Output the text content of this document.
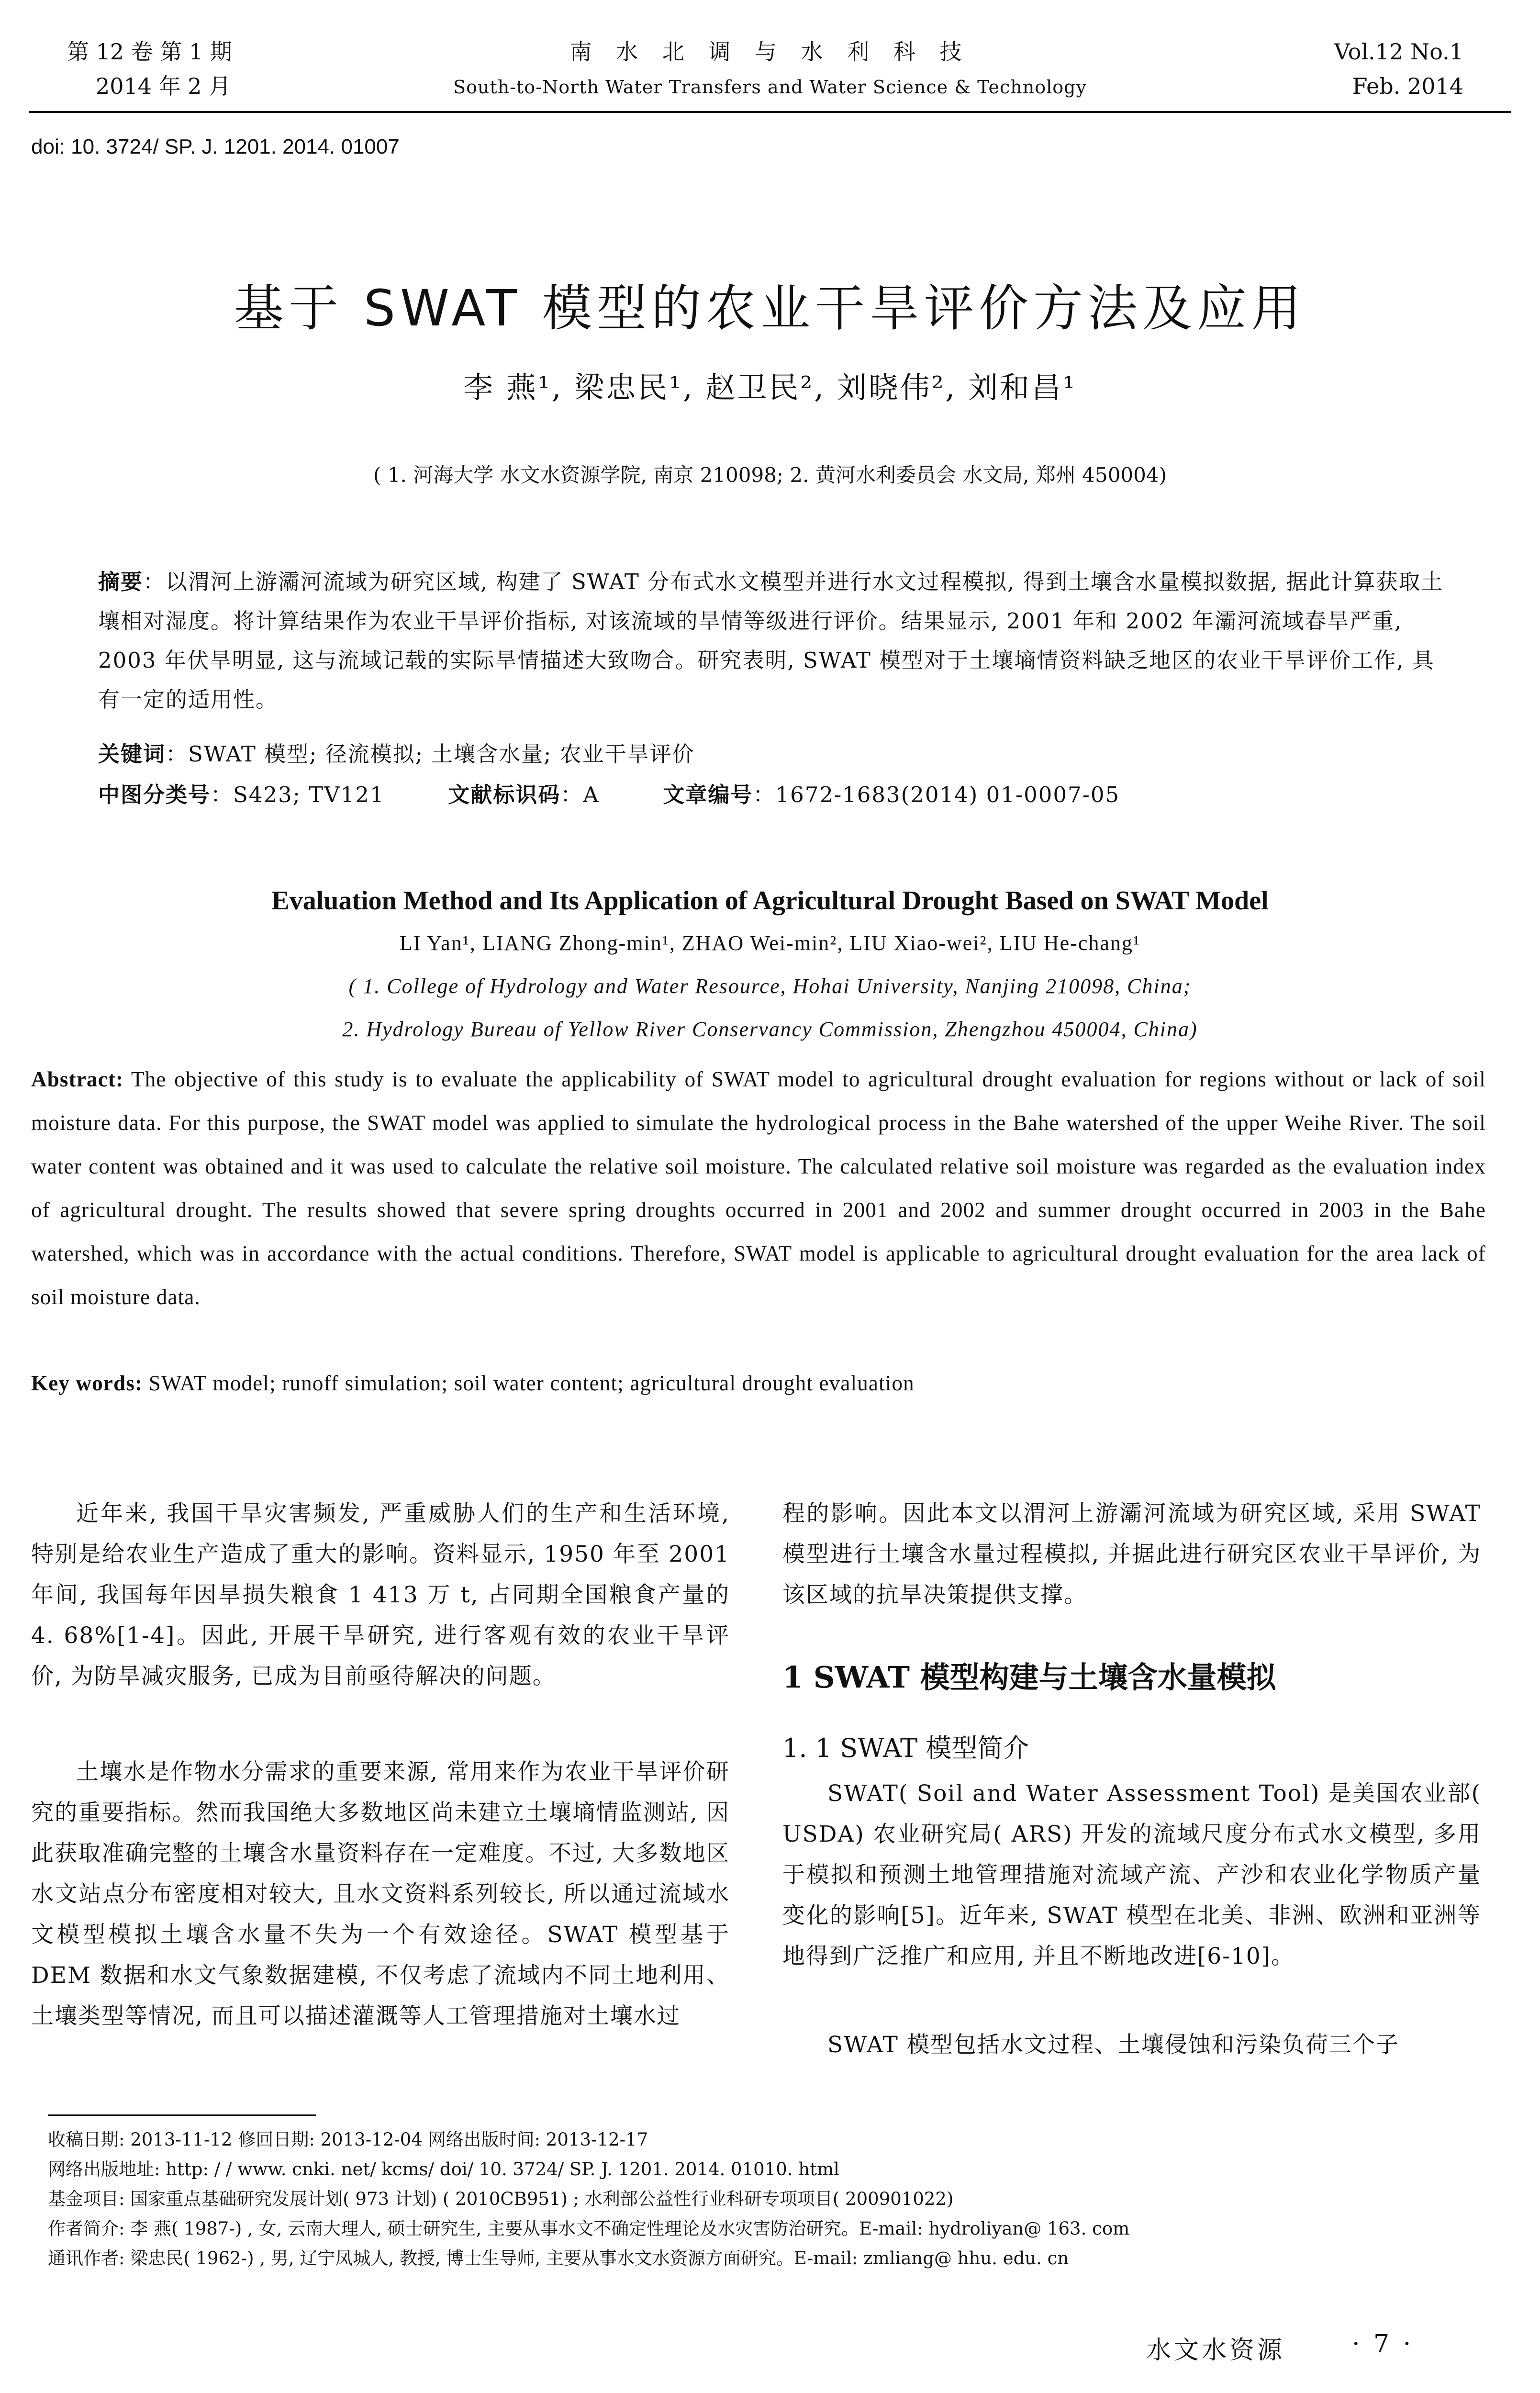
第 12 卷 第 1 期
2014 年 2 月
南 水 北 调 与 水 利 科 技
South-to-North Water Transfers and Water Science & Technology
Vol.12 No.1
Feb. 2014
doi: 10. 3724/ SP. J. 1201. 2014. 01007
基于 SWAT 模型的农业干旱评价方法及应用
李 燕¹, 梁忠民¹, 赵卫民², 刘晓伟², 刘和昌¹
( 1. 河海大学 水文水资源学院, 南京 210098; 2. 黄河水利委员会 水文局, 郑州 450004)
摘要：以渭河上游灞河流域为研究区域, 构建了 SWAT 分布式水文模型并进行水文过程模拟, 得到土壤含水量模拟数据, 据此计算获取土壤相对湿度。将计算结果作为农业干旱评价指标, 对该流域的旱情等级进行评价。结果显示, 2001 年和 2002 年灞河流域春旱严重, 2003 年伏旱明显, 这与流域记载的实际旱情描述大致吻合。研究表明, SWAT 模型对于土壤墒情资料缺乏地区的农业干旱评价工作, 具有一定的适用性。
关键词：SWAT 模型; 径流模拟; 土壤含水量; 农业干旱评价
中图分类号：S423; TV121	文献标识码：A	文章编号：1672-1683(2014) 01-0007-05
Evaluation Method and Its Application of Agricultural Drought Based on SWAT Model
LI Yan¹, LIANG Zhong-min¹, ZHAO Wei-min², LIU Xiao-wei², LIU He-chang¹
( 1. College of Hydrology and Water Resource, Hohai University, Nanjing 210098, China;
2. Hydrology Bureau of Yellow River Conservancy Commission, Zhengzhou 450004, China)
Abstract: The objective of this study is to evaluate the applicability of SWAT model to agricultural drought evaluation for regions without or lack of soil moisture data. For this purpose, the SWAT model was applied to simulate the hydrological process in the Bahe watershed of the upper Weihe River. The soil water content was obtained and it was used to calculate the relative soil moisture. The calculated relative soil moisture was regarded as the evaluation index of agricultural drought. The results showed that severe spring droughts occurred in 2001 and 2002 and summer drought occurred in 2003 in the Bahe watershed, which was in accordance with the actual conditions. Therefore, SWAT model is applicable to agricultural drought evaluation for the area lack of soil moisture data.
Key words: SWAT model; runoff simulation; soil water content; agricultural drought evaluation
近年来, 我国干旱灾害频发, 严重威胁人们的生产和生活环境, 特别是给农业生产造成了重大的影响。资料显示, 1950 年至 2001 年间, 我国每年因旱损失粮食 1 413 万 t, 占同期全国粮食产量的 4. 68%[1-4]。因此, 开展干旱研究, 进行客观有效的农业干旱评价, 为防旱减灾服务, 已成为目前亟待解决的问题。
土壤水是作物水分需求的重要来源, 常用来作为农业干旱评价研究的重要指标。然而我国绝大多数地区尚未建立土壤墒情监测站, 因此获取准确完整的土壤含水量资料存在一定难度。不过, 大多数地区水文站点分布密度相对较大, 且水文资料系列较长, 所以通过流域水文模型模拟土壤含水量不失为一个有效途径。SWAT 模型基于 DEM 数据和水文气象数据建模, 不仅考虑了流域内不同土地利用、土壤类型等情况, 而且可以描述灌溉等人工管理措施对土壤水过
程的影响。因此本文以渭河上游灞河流域为研究区域, 采用 SWAT 模型进行土壤含水量过程模拟, 并据此进行研究区农业干旱评价, 为该区域的抗旱决策提供支撑。
1 SWAT 模型构建与土壤含水量模拟
1. 1 SWAT 模型简介
SWAT( Soil and Water Assessment Tool) 是美国农业部( USDA) 农业研究局( ARS) 开发的流域尺度分布式水文模型, 多用于模拟和预测土地管理措施对流域产流、产沙和农业化学物质产量变化的影响[5]。近年来, SWAT 模型在北美、非洲、欧洲和亚洲等地得到广泛推广和应用, 并且不断地改进[6-10]。
SWAT 模型包括水文过程、土壤侵蚀和污染负荷三个子
收稿日期: 2013-11-12 修回日期: 2013-12-04 网络出版时间: 2013-12-17
网络出版地址: http: / / www. cnki. net/ kcms/ doi/ 10. 3724/ SP. J. 1201. 2014. 01010. html
基金项目: 国家重点基础研究发展计划( 973 计划) ( 2010CB951) ; 水利部公益性行业科研专项项目( 200901022)
作者简介: 李 燕( 1987-) , 女, 云南大理人, 硕士研究生, 主要从事水文不确定性理论及水灾害防治研究。E-mail: hydroliyan@ 163. com
通讯作者: 梁忠民( 1962-) , 男, 辽宁凤城人, 教授, 博士生导师, 主要从事水文水资源方面研究。E-mail: zmliang@ hhu. edu. cn
水文水资源	· 7 ·
